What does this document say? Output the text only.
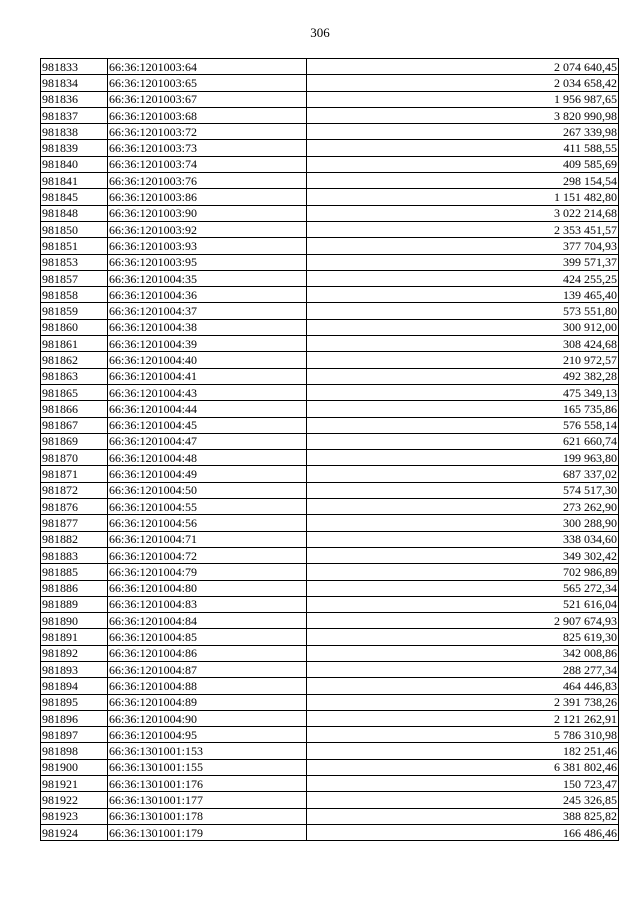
306
981833	66:36:1201003:64	2 074 640,45
981834	66:36:1201003:65	2 034 658,42
981836	66:36:1201003:67	1 956 987,65
981837	66:36:1201003:68	3 820 990,98
981838	66:36:1201003:72	267 339,98
981839	66:36:1201003:73	411 588,55
981840	66:36:1201003:74	409 585,69
981841	66:36:1201003:76	298 154,54
981845	66:36:1201003:86	1 151 482,80
981848	66:36:1201003:90	3 022 214,68
981850	66:36:1201003:92	2 353 451,57
981851	66:36:1201003:93	377 704,93
981853	66:36:1201003:95	399 571,37
981857	66:36:1201004:35	424 255,25
981858	66:36:1201004:36	139 465,40
981859	66:36:1201004:37	573 551,80
981860	66:36:1201004:38	300 912,00
981861	66:36:1201004:39	308 424,68
981862	66:36:1201004:40	210 972,57
981863	66:36:1201004:41	492 382,28
981865	66:36:1201004:43	475 349,13
981866	66:36:1201004:44	165 735,86
981867	66:36:1201004:45	576 558,14
981869	66:36:1201004:47	621 660,74
981870	66:36:1201004:48	199 963,80
981871	66:36:1201004:49	687 337,02
981872	66:36:1201004:50	574 517,30
981876	66:36:1201004:55	273 262,90
981877	66:36:1201004:56	300 288,90
981882	66:36:1201004:71	338 034,60
981883	66:36:1201004:72	349 302,42
981885	66:36:1201004:79	702 986,89
981886	66:36:1201004:80	565 272,34
981889	66:36:1201004:83	521 616,04
981890	66:36:1201004:84	2 907 674,93
981891	66:36:1201004:85	825 619,30
981892	66:36:1201004:86	342 008,86
981893	66:36:1201004:87	288 277,34
981894	66:36:1201004:88	464 446,83
981895	66:36:1201004:89	2 391 738,26
981896	66:36:1201004:90	2 121 262,91
981897	66:36:1201004:95	5 786 310,98
981898	66:36:1301001:153	182 251,46
981900	66:36:1301001:155	6 381 802,46
981921	66:36:1301001:176	150 723,47
981922	66:36:1301001:177	245 326,85
981923	66:36:1301001:178	388 825,82
981924	66:36:1301001:179	166 486,46
